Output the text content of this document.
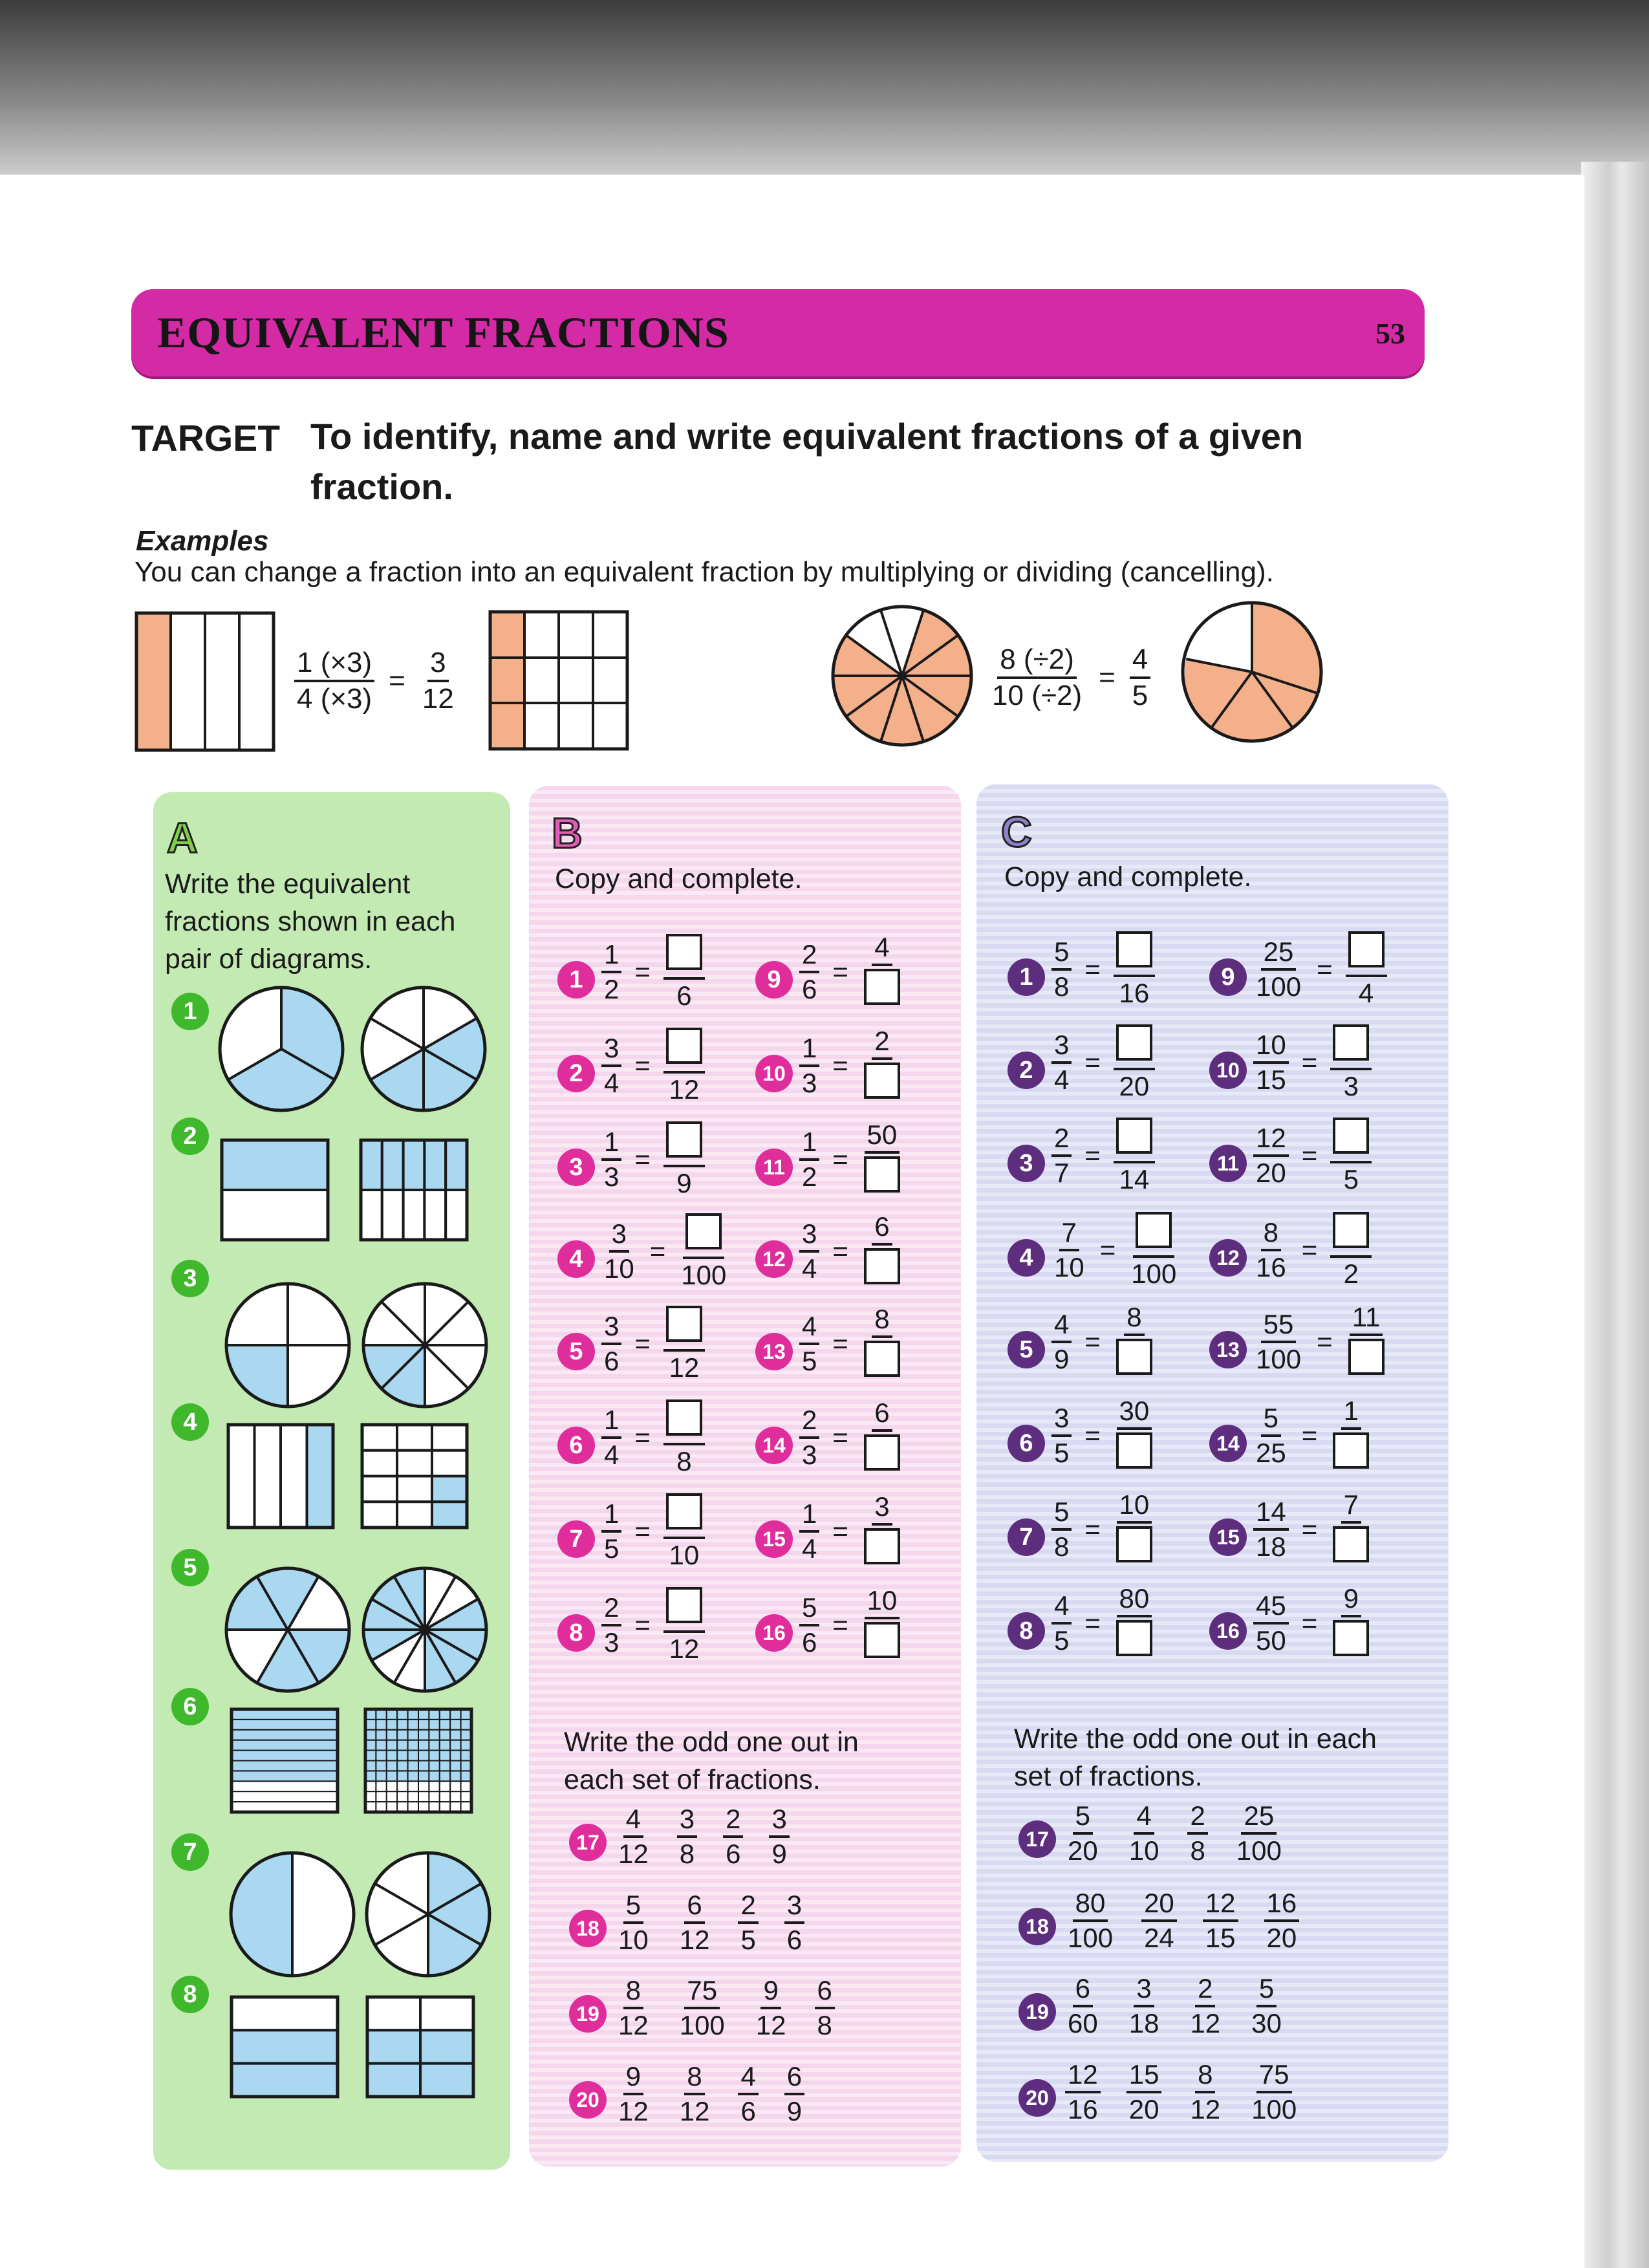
EQUIVALENT FRACTIONS	53
TARGET To identify, name and write equivalent fractions of a given fraction.
Examples
You can change a fraction into an equivalent fraction by multiplying or dividing (cancelling).
$\frac{1 (\times 3)}{4 (\times 3)} = \frac{3}{12}$	$\frac{8 (\div 2)}{10 (\div 2)} = \frac{4}{5}$
A
Write the equivalent fractions shown in each pair of diagrams.
1
2
3
4
5
6
7
8
B
Copy and complete.
$1 \frac{1}{2}$ =
6
$2 \frac{3}{4}$ =
12
$3 \frac{1}{3}$ =
9
$4 \frac{3}{10}$ =
100
$5 \frac{3}{6}$ =
12
$6 \frac{1}{4}$ =
8
$7 \frac{1}{5}$ =
10
$8 \frac{2}{3}$ =
12
$9 \frac{2}{6}$ =
4
$10 \frac{1}{3}$ =
2
$11 \frac{1}{2}$ =
50
$12 \frac{3}{4}$ =
6
$13 \frac{4}{5}$ =
8
$14 \frac{2}{3}$ =
6
$15 \frac{1}{4}$ =
3
$16 \frac{5}{6}$ =
10
Write the odd one out in each set of fractions.
$17 \frac{4}{12} \frac{3}{8} \frac{2}{6} \frac{3}{9}$
$18 \frac{5}{10} \frac{6}{12} \frac{2}{5} \frac{3}{6}$
$19 \frac{8}{12} \frac{75}{100} \frac{9}{12} \frac{6}{8}$
$20 \frac{9}{12} \frac{8}{12} \frac{4}{6} \frac{6}{9}$
C
Copy and complete.
$1 \frac{5}{8}$ =
16
$2 \frac{3}{4}$ =
20
$3 \frac{2}{7}$ =
14
$4 \frac{7}{10}$ =
100
$5 \frac{4}{9}$ =
8
$6 \frac{3}{5}$ =
30
$7 \frac{5}{8}$ =
10
$8 \frac{4}{5}$ =
80
$9 \frac{25}{100}$ =
4
$10 \frac{10}{15}$ =
3
$11 \frac{12}{20}$ =
5
$12 \frac{8}{16}$ =
2
$13 \frac{55}{100}$ =
11
$14 \frac{5}{25}$ =
1
$15 \frac{14}{18}$ =
7
$16 \frac{45}{50}$ =
9
Write the odd one out in each set of fractions.
$17 \frac{5}{20} \frac{4}{10} \frac{2}{8} \frac{25}{100}$
$18 \frac{80}{100} \frac{20}{24} \frac{12}{15} \frac{16}{20}$
$19 \frac{6}{60} \frac{3}{18} \frac{2}{12} \frac{5}{30}$
$20 \frac{12}{16} \frac{15}{20} \frac{8}{12} \frac{75}{100}$
